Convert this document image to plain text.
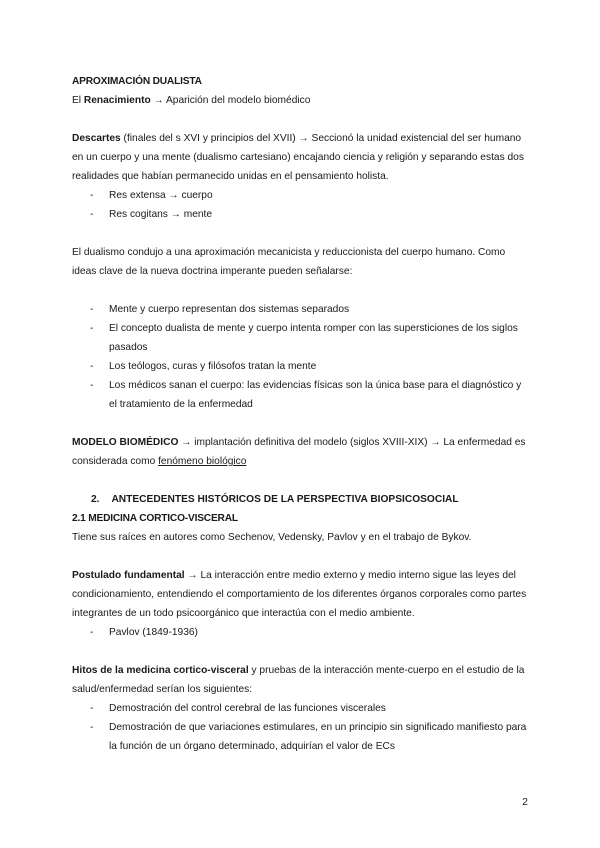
APROXIMACIÓN DUALISTA

El Renacimiento → Aparición del modelo biomédico

Descartes (finales del s XVI y principios del XVII) → Seccionó la unidad existencial del ser humano en un cuerpo y una mente (dualismo cartesiano) encajando ciencia y religión y separando estas dos realidades que habían permanecido unidas en el pensamiento holista.

- Res extensa → cuerpo
- Res cogitans → mente

El dualismo condujo a una aproximación mecanicista y reduccionista del cuerpo humano. Como ideas clave de la nueva doctrina imperante pueden señalarse:

- Mente y cuerpo representan dos sistemas separados
- El concepto dualista de mente y cuerpo intenta romper con las supersticiones de los siglos pasados
- Los teólogos, curas y filósofos tratan la mente
- Los médicos sanan el cuerpo: las evidencias físicas son la única base para el diagnóstico y el tratamiento de la enfermedad

MODELO BIOMÉDICO → implantación definitiva del modelo (siglos XVIII-XIX) → La enfermedad es considerada como fenómeno biológico

2. ANTECEDENTES HISTÓRICOS DE LA PERSPECTIVA BIOPSICOSOCIAL

2.1 MEDICINA CORTICO-VISCERAL

Tiene sus raíces en autores como Sechenov, Vedensky, Pavlov y en el trabajo de Bykov.

Postulado fundamental → La interacción entre medio externo y medio interno sigue las leyes del condicionamiento, entendiendo el comportamiento de los diferentes órganos corporales como partes integrantes de un todo psicoorgánico que interactúa con el medio ambiente.

- Pavlov (1849-1936)

Hitos de la medicina cortico-visceral y pruebas de la interacción mente-cuerpo en el estudio de la salud/enfermedad serían los siguientes:

- Demostración del control cerebral de las funciones viscerales
- Demostración de que variaciones estimulares, en un principio sin significado manifiesto para la función de un órgano determinado, adquirían el valor de ECs
2
